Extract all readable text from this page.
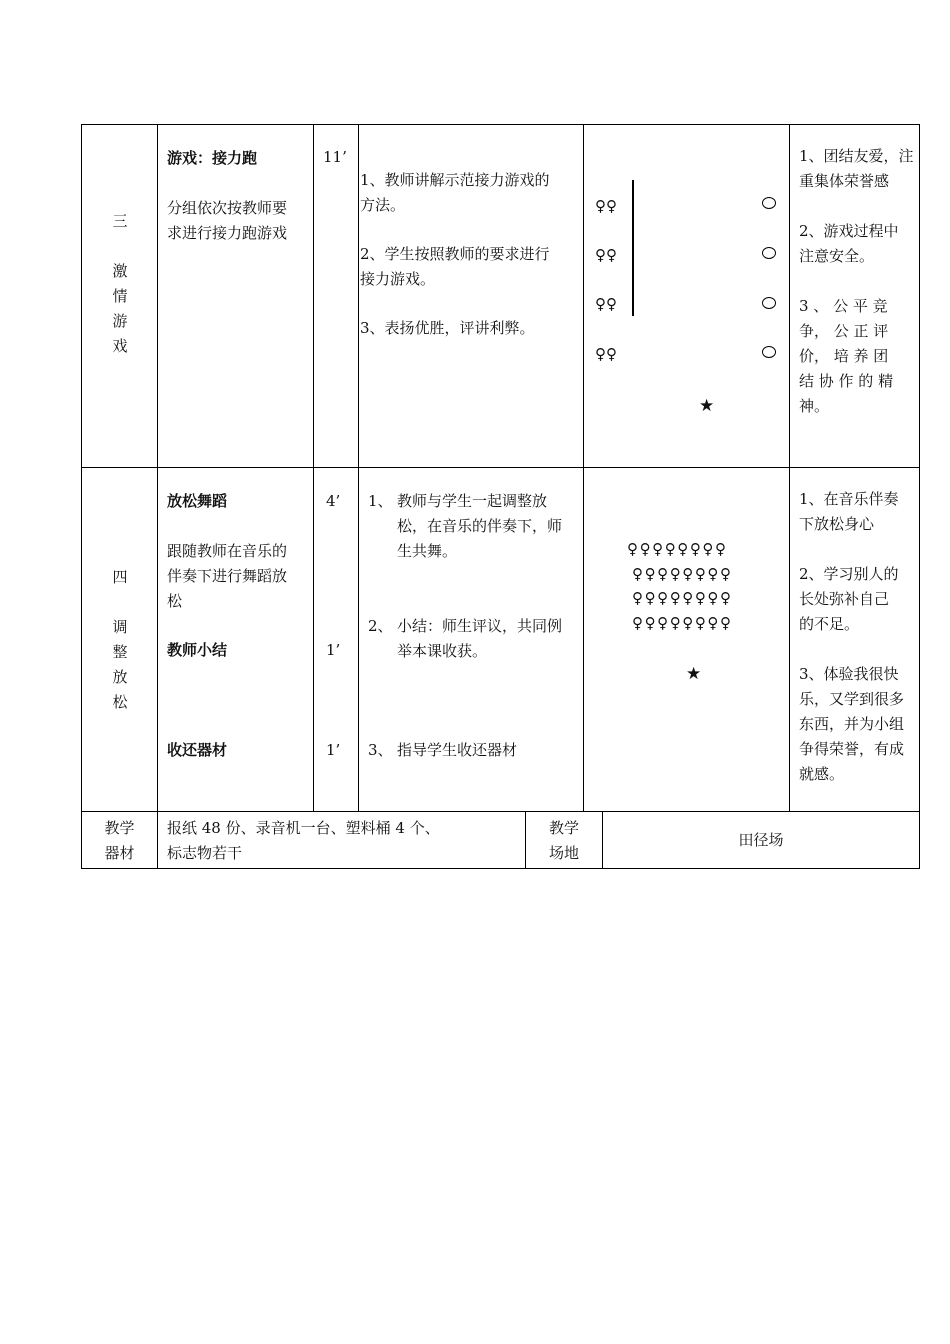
三
激
情
游
戏
游戏：接力跑
分组依次按教师要
求进行接力跑游戏
11’
1、教师讲解示范接力游戏的
方法。
2、学生按照教师的要求进行
接力游戏。
3、表扬优胜，评讲利弊。
♀♀
♀♀
♀♀
♀♀
★
1、团结友爱，注
重集体荣誉感
2、游戏过程中
注意安全。
3 、 公 平 竞
争， 公 正 评
价， 培 养 团
结 协 作 的 精
神。
四
调
整
放
松
放松舞蹈
跟随教师在音乐的
伴奏下进行舞蹈放
松
教师小结
收还器材
4’
1’
1’
1、 教师与学生一起调整放
松，在音乐的伴奏下，师
生共舞。
2、 小结：师生评议，共同例
举本课收获。
3、 指导学生收还器材
♀♀♀♀♀♀♀♀
♀♀♀♀♀♀♀♀
♀♀♀♀♀♀♀♀
♀♀♀♀♀♀♀♀
★
1、在音乐伴奏
下放松身心
2、学习别人的
长处弥补自己
的不足。
3、体验我很快
乐，又学到很多
东西，并为小组
争得荣誉，有成
就感。
教学
器材
报纸 48 份、录音机一台、塑料桶 4 个、
标志物若干
教学
场地
田径场
